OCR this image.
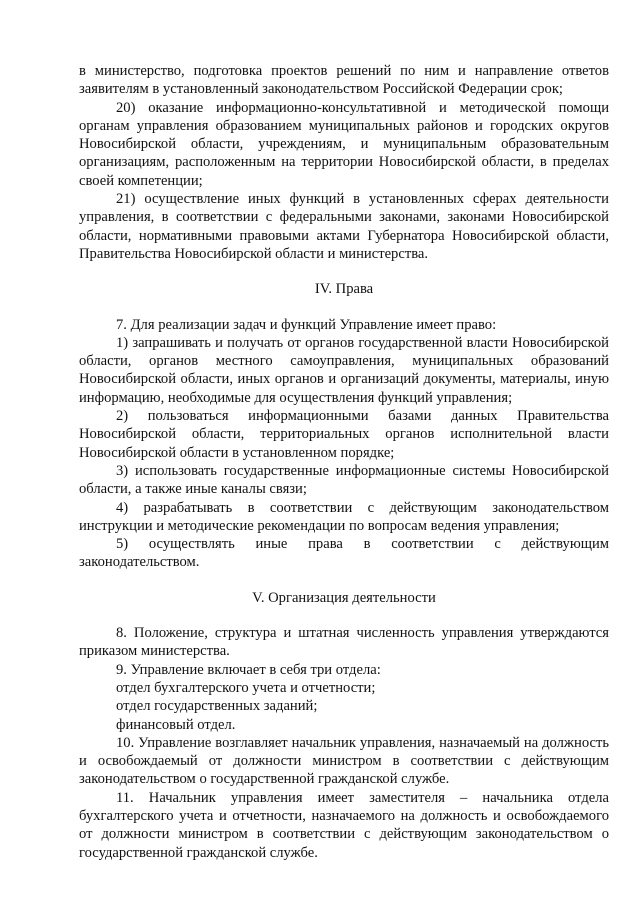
в министерство, подготовка проектов решений по ним и направление ответов заявителям в установленный законодательством Российской Федерации срок;

20) оказание информационно-консультативной и методической помощи органам управления образованием муниципальных районов и городских округов Новосибирской области, учреждениям, и муниципальным образовательным организациям, расположенным на территории Новосибирской области, в пределах своей компетенции;

21) осуществление иных функций в установленных сферах деятельности управления, в соответствии с федеральными законами, законами Новосибирской области, нормативными правовыми актами Губернатора Новосибирской области, Правительства Новосибирской области и министерства.

IV. Права

7. Для реализации задач и функций Управление имеет право:

1) запрашивать и получать от органов государственной власти Новосибирской области, органов местного самоуправления, муниципальных образований Новосибирской области, иных органов и организаций документы, материалы, иную информацию, необходимые для осуществления функций управления;

2) пользоваться информационными базами данных Правительства Новосибирской области, территориальных органов исполнительной власти Новосибирской области в установленном порядке;

3) использовать государственные информационные системы Новосибирской области, а также иные каналы связи;

4) разрабатывать в соответствии с действующим законодательством инструкции и методические рекомендации по вопросам ведения управления;

5) осуществлять иные права в соответствии с действующим законодательством.

V. Организация деятельности

8. Положение, структура и штатная численность управления утверждаются приказом министерства.

9. Управление включает в себя три отдела:

отдел бухгалтерского учета и отчетности;

отдел государственных заданий;

финансовый отдел.

10. Управление возглавляет начальник управления, назначаемый на должность и освобождаемый от должности министром в соответствии с действующим законодательством о государственной гражданской службе.

11. Начальник управления имеет заместителя – начальника отдела бухгалтерского учета и отчетности, назначаемого на должность и освобождаемого от должности министром в соответствии с действующим законодательством о государственной гражданской службе.
